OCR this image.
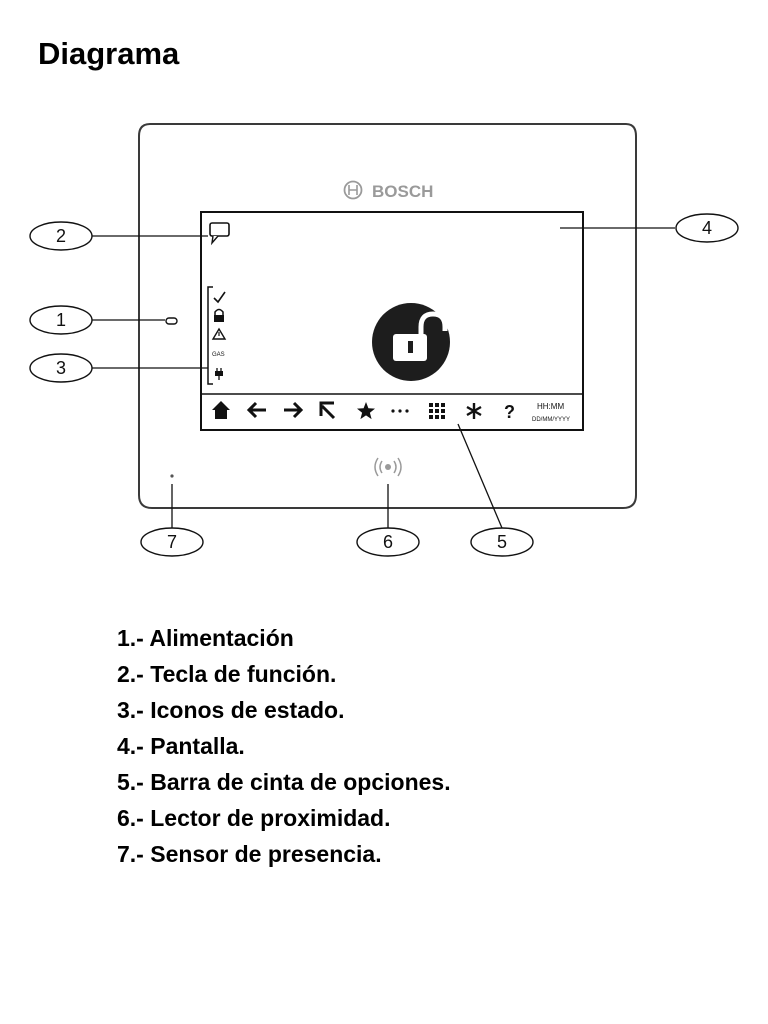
Diagrama
BOSCH
GAS
?	HH:MM
DD/MM/YYYY
2
1
3
4
5
6
7
1.- Alimentación
2.- Tecla de función.
3.- Iconos de estado.
4.- Pantalla.
5.- Barra de cinta de opciones.
6.- Lector de proximidad.
7.- Sensor de presencia.
